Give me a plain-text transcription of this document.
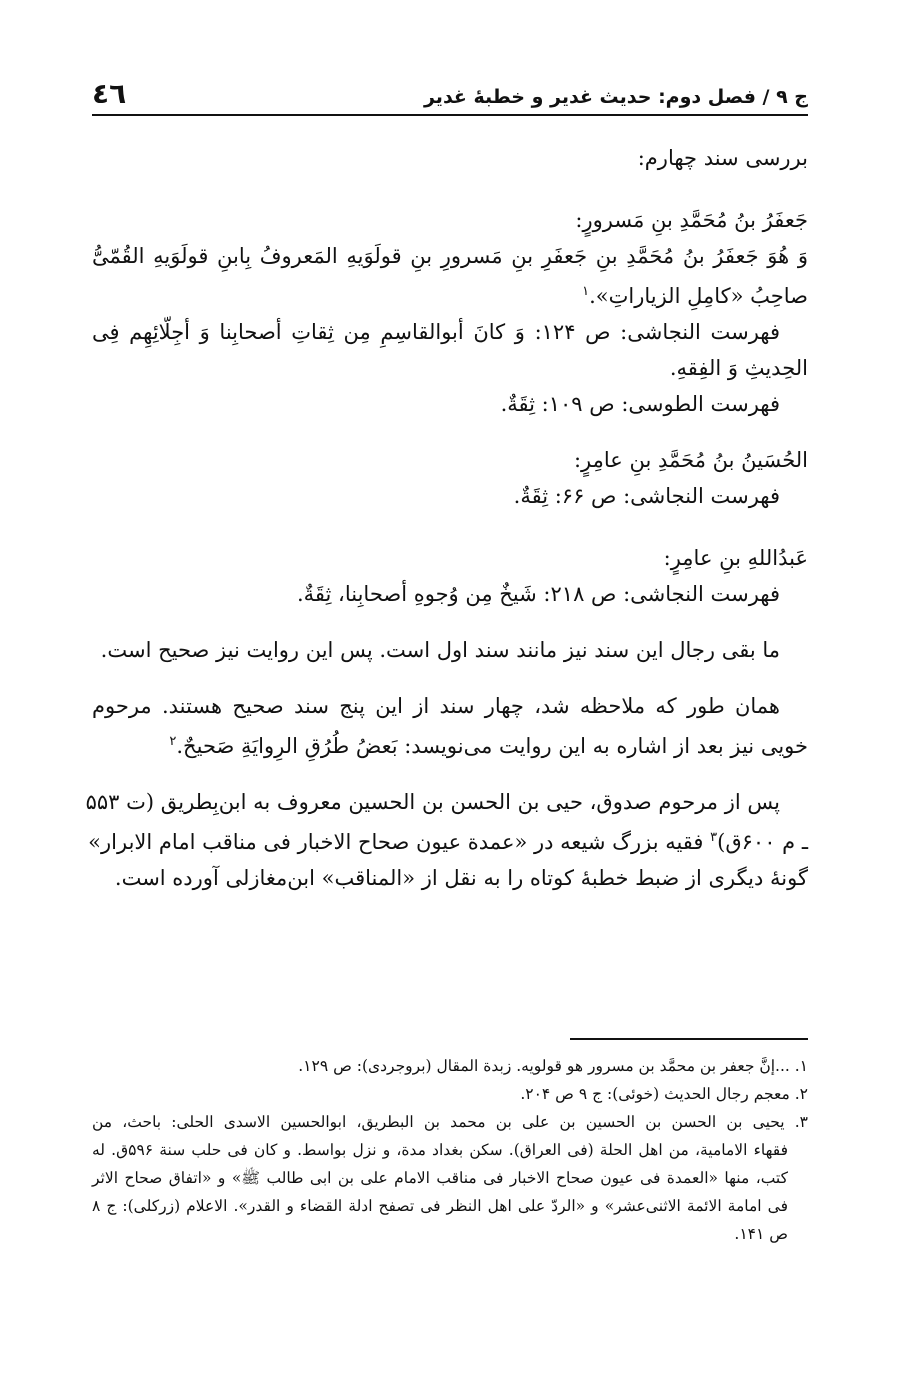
ج ۹ / فصل دوم: حدیث غدیر و خطبهٔ غدیر
٤٦

بررسی سند چهارم:

جَعفَرُ بنُ مُحَمَّدِ بنِ مَسرورٍ:

وَ هُوَ جَعفَرُ بنُ مُحَمَّدِ بنِ جَعفَرِ بنِ مَسرورِ بنِ قولَوَيهِ المَعروفُ بِابنِ قولَوَيهِ القُمّیُّ

صاحِبُ «کامِلِ الزیاراتِ».$^۱$

فهرست النجاشی: ص ۱۲۴: وَ کانَ أبوالقاسِمِ مِن ثِقاتِ أصحابِنا وَ أجِلّائِهِم فِی

الحِدیثِ وَ الفِقهِ.

فهرست الطوسی: ص ۱۰۹: ثِقَةٌ.

الحُسَینُ بنُ مُحَمَّدِ بنِ عامِرٍ:

فهرست النجاشی: ص ۶۶: ثِقَةٌ.

عَبدُاللهِ بنِ عامِرٍ:

فهرست النجاشی: ص ۲۱۸: شَیخٌ مِن وُجوهِ أصحابِنا، ثِقَةٌ.

ما بقی رجال این سند نیز مانند سند اول است. پس این روایت نیز صحیح است.

همان طور که ملاحظه شد، چهار سند از این پنج سند صحیح هستند. مرحوم

خویی نیز بعد از اشاره به این روایت می‌نویسد: بَعضُ طُرُقِ الرِوایَةِ صَحیحٌ.$^۲$

پس از مرحوم صدوق، حیی بن الحسن بن الحسین معروف به ابن‌بِطریق (ت ۵۵۳

ـ م ۶۰۰ق)$^۳$ فقیه بزرگ شیعه در «عمدة عیون صحاح الاخبار فی مناقب امام الابرار»

گونهٔ دیگری از ضبط خطبهٔ کوتاه را به نقل از «المناقب» ابن‌مغازلی آورده است.

۱. ...إنَّ جعفر بن محمَّد بن مسرور هو قولویه. زبدة المقال (بروجردی): ص ۱۲۹.

۲. معجم رجال الحدیث (خوئی): ج ۹ ص ۲۰۴.

۳. یحیی بن الحسن بن الحسین بن علی بن محمد بن البطریق، ابوالحسین الاسدی الحلی: باحث، من

فقهاء الامامیة، من اهل الحلة (فی العراق). سکن بغداد مدة، و نزل بواسط. و کان فی حلب سنة ۵۹۶ق. له

کتب، منها «العمدة فی عیون صحاح الاخبار فی مناقب الامام علی بن ابی طالب ﷺ» و «اتفاق صحاح الاثر

فی امامة الائمة الاثنی‌عشر» و «الردّ علی اهل النظر فی تصفح ادلة القضاء و القدر». الاعلام (زرکلی): ج ۸

ص ۱۴۱.
